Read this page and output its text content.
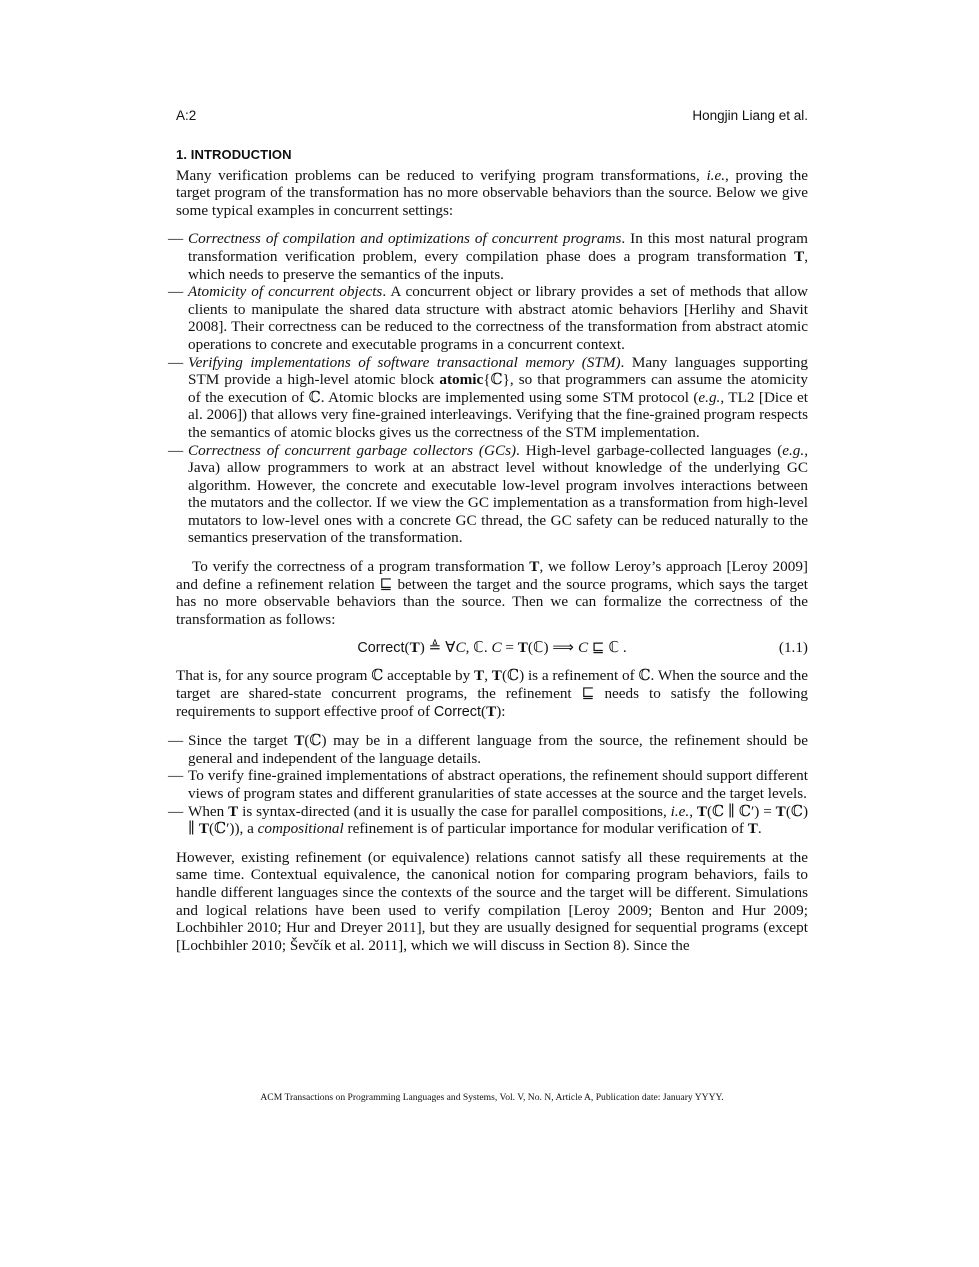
A:2	Hongjin Liang et al.
1. INTRODUCTION

Many verification problems can be reduced to verifying program transformations, i.e., proving the target program of the transformation has no more observable behaviors than the source. Below we give some typical examples in concurrent settings:

— Correctness of compilation and optimizations of concurrent programs. In this most natural program transformation verification problem, every compilation phase does a program transformation T, which needs to preserve the semantics of the inputs.
— Atomicity of concurrent objects. A concurrent object or library provides a set of methods that allow clients to manipulate the shared data structure with abstract atomic behaviors [Herlihy and Shavit 2008]. Their correctness can be reduced to the correctness of the transformation from abstract atomic operations to concrete and executable programs in a concurrent context.
— Verifying implementations of software transactional memory (STM). Many languages supporting STM provide a high-level atomic block atomic{ℂ}, so that programmers can assume the atomicity of the execution of ℂ. Atomic blocks are implemented using some STM protocol (e.g., TL2 [Dice et al. 2006]) that allows very fine-grained interleavings. Verifying that the fine-grained program respects the semantics of atomic blocks gives us the correctness of the STM implementation.
— Correctness of concurrent garbage collectors (GCs). High-level garbage-collected languages (e.g., Java) allow programmers to work at an abstract level without knowledge of the underlying GC algorithm. However, the concrete and executable low-level program involves interactions between the mutators and the collector. If we view the GC implementation as a transformation from high-level mutators to low-level ones with a concrete GC thread, the GC safety can be reduced naturally to the semantics preservation of the transformation.

To verify the correctness of a program transformation T, we follow Leroy’s approach [Leroy 2009] and define a refinement relation ⊑ between the target and the source programs, which says the target has no more observable behaviors than the source. Then we can formalize the correctness of the transformation as follows:

Correct(T) ≜ ∀C, ℂ. C = T(ℂ) ⟹ C ⊑ ℂ .	(1.1)

That is, for any source program ℂ acceptable by T, T(ℂ) is a refinement of ℂ. When the source and the target are shared-state concurrent programs, the refinement ⊑ needs to satisfy the following requirements to support effective proof of Correct(T):

— Since the target T(ℂ) may be in a different language from the source, the refinement should be general and independent of the language details.
— To verify fine-grained implementations of abstract operations, the refinement should support different views of program states and different granularities of state accesses at the source and the target levels.
— When T is syntax-directed (and it is usually the case for parallel compositions, i.e., T(ℂ ∥ ℂ′) = T(ℂ) ∥ T(ℂ′)), a compositional refinement is of particular importance for modular verification of T.

However, existing refinement (or equivalence) relations cannot satisfy all these requirements at the same time. Contextual equivalence, the canonical notion for comparing program behaviors, fails to handle different languages since the contexts of the source and the target will be different. Simulations and logical relations have been used to verify compilation [Leroy 2009; Benton and Hur 2009; Lochbihler 2010; Hur and Dreyer 2011], but they are usually designed for sequential programs (except [Lochbihler 2010; Ševčík et al. 2011], which we will discuss in Section 8). Since the

ACM Transactions on Programming Languages and Systems, Vol. V, No. N, Article A, Publication date: January YYYY.
